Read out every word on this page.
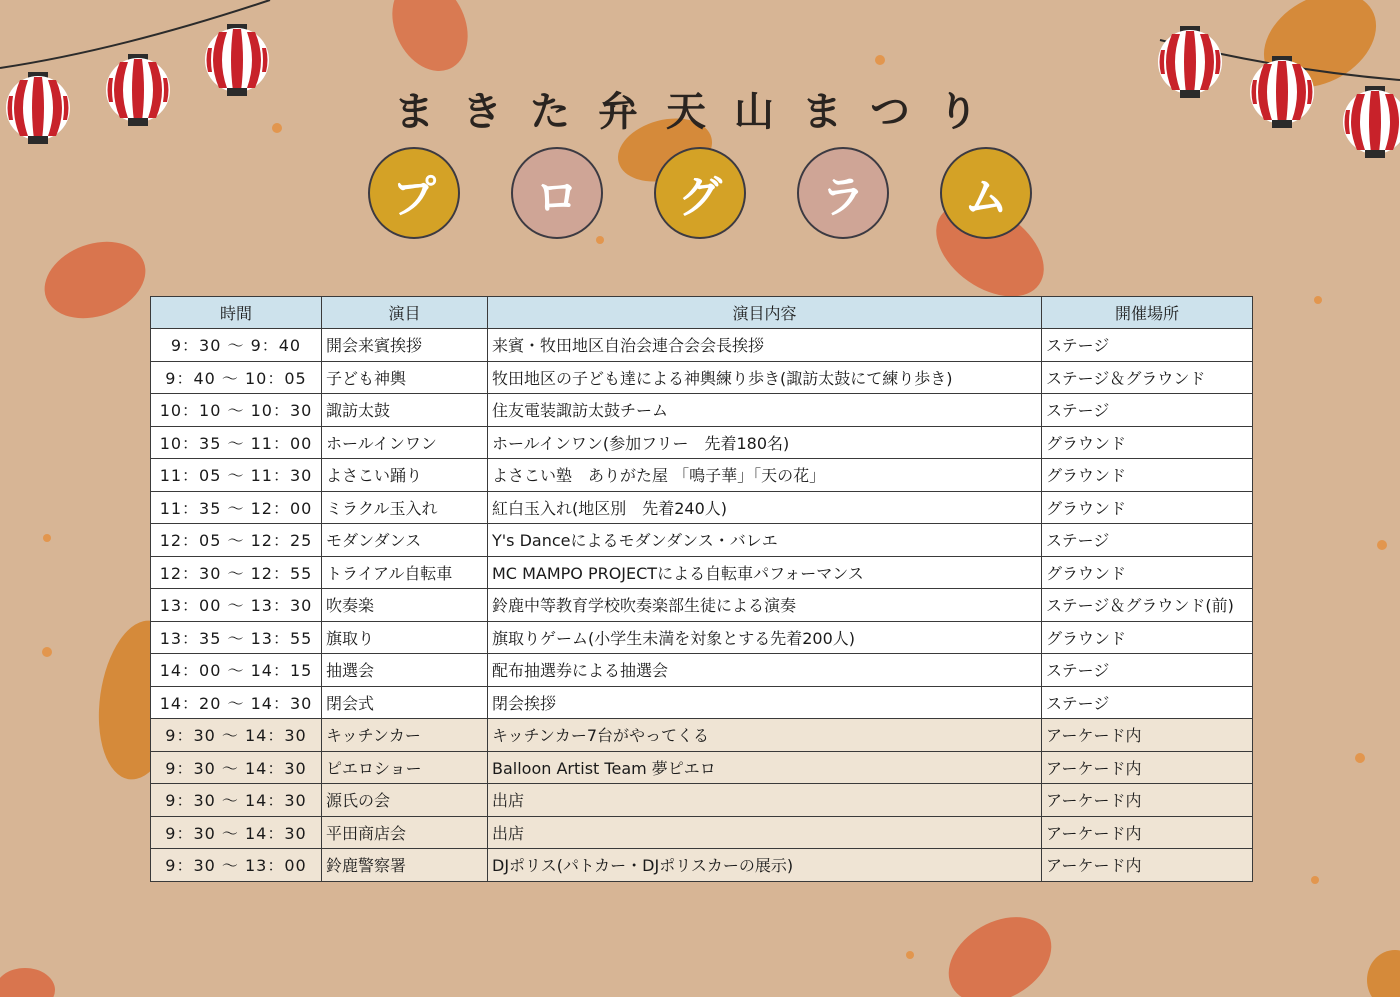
まきた弁天山まつり
プ ロ グ ラ ム
時間	演目	演目内容	開催場所
9：30 ～ 9：40	開会来賓挨拶	来賓・牧田地区自治会連合会会長挨拶	ステージ
9：40 ～ 10：05	子ども神輿	牧田地区の子ども達による神輿練り歩き(諏訪太鼓にて練り歩き)	ステージ＆グラウンド
10：10 ～ 10：30	諏訪太鼓	住友電装諏訪太鼓チーム	ステージ
10：35 ～ 11：00	ホールインワン	ホールインワン(参加フリー　先着180名)	グラウンド
11：05 ～ 11：30	よさこい踊り	よさこい塾　ありがた屋 「鳴子華」「天の花」	グラウンド
11：35 ～ 12：00	ミラクル玉入れ	紅白玉入れ(地区別　先着240人)	グラウンド
12：05 ～ 12：25	モダンダンス	Y's Danceによるモダンダンス・バレエ	ステージ
12：30 ～ 12：55	トライアル自転車	MC MAMPO PROJECTによる自転車パフォーマンス	グラウンド
13：00 ～ 13：30	吹奏楽	鈴鹿中等教育学校吹奏楽部生徒による演奏	ステージ＆グラウンド(前)
13：35 ～ 13：55	旗取り	旗取りゲーム(小学生未満を対象とする先着200人)	グラウンド
14：00 ～ 14：15	抽選会	配布抽選券による抽選会	ステージ
14：20 ～ 14：30	閉会式	閉会挨拶	ステージ
9：30 ～ 14：30	キッチンカー	キッチンカー7台がやってくる	アーケード内
9：30 ～ 14：30	ピエロショー	Balloon Artist Team 夢ピエロ	アーケード内
9：30 ～ 14：30	源氏の会	出店	アーケード内
9：30 ～ 14：30	平田商店会	出店	アーケード内
9：30 ～ 13：00	鈴鹿警察署	DJポリス(パトカー・DJポリスカーの展示)	アーケード内
